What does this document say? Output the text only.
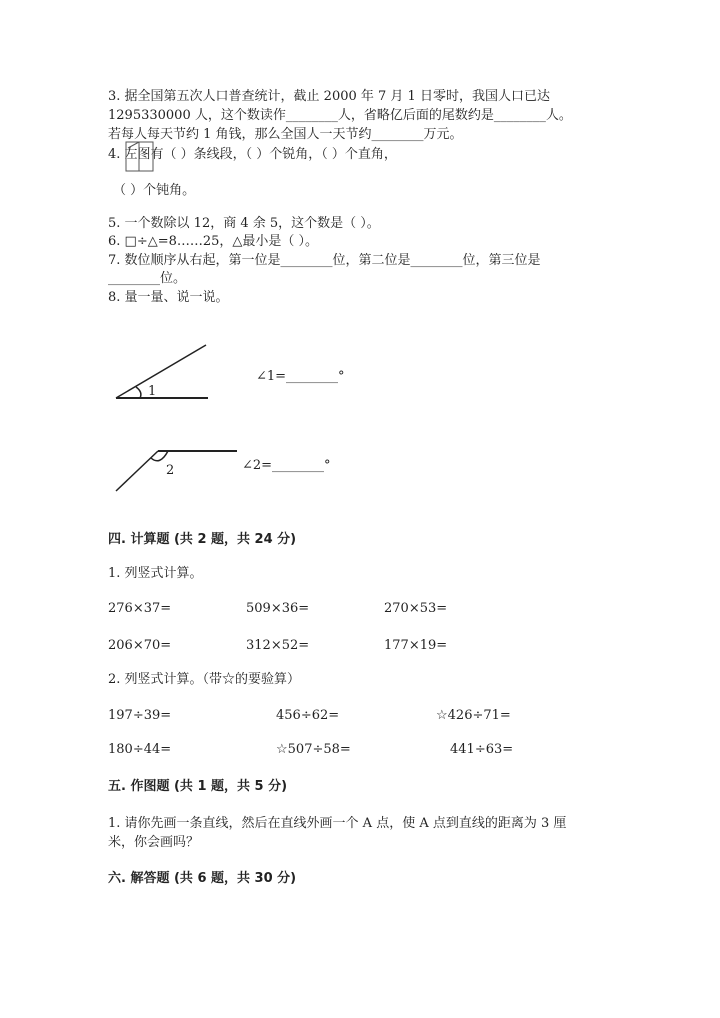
3. 据全国第五次人口普查统计，截止 2000 年 7 月 1 日零时，我国人口已达
1295330000 人，这个数读作________人，省略亿后面的尾数约是________人。
若每人每天节约 1 角钱，那么全国人一天节约________万元。
4. 左图有（ ）条线段，（ ）个锐角，（ ）个直角，
（ ）个钝角。
5. 一个数除以 12，商 4 余 5，这个数是（ ）。
6. □÷△=8……25，△最小是（ ）。
7. 数位顺序从右起，第一位是________位，第二位是________位，第三位是
________位。
8. 量一量、说一说。
1
∠1=________°
2	∠2=________°
四. 计算题 (共 2 题，共 24 分)
1. 列竖式计算。
276×37=	509×36=	270×53=
206×70=	312×52=	177×19=
2. 列竖式计算。（带☆的要验算）
197÷39=	456÷62=	☆426÷71=
180÷44=	☆507÷58=	441÷63=
五. 作图题 (共 1 题，共 5 分)
1. 请你先画一条直线，然后在直线外画一个 A 点，使 A 点到直线的距离为 3 厘
米，你会画吗？
六. 解答题 (共 6 题，共 30 分)
